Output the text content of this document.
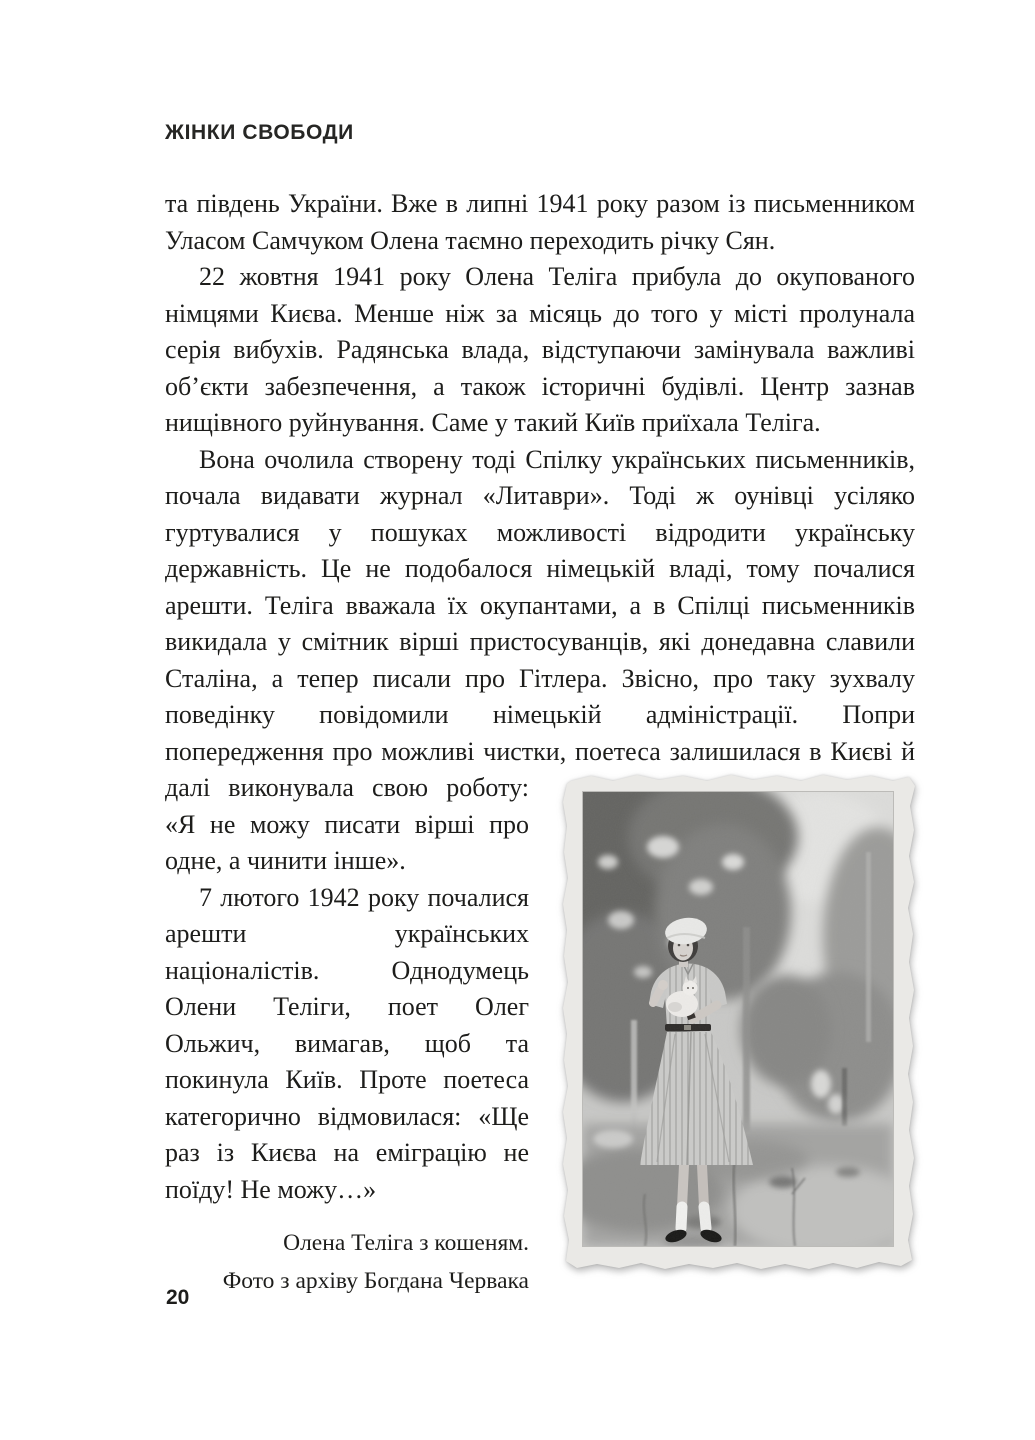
ЖІНКИ СВОБОДИ

та південь України. Вже в липні 1941 року разом із письменником Уласом Самчуком Олена таємно переходить річку Сян.

22 жовтня 1941 року Олена Теліга прибула до окупованого німцями Києва. Менше ніж за місяць до того у місті пролунала серія вибухів. Радянська влада, відступаючи замінувала важливі об’єкти забезпечення, а також історичні будівлі. Центр зазнав нищівного руйнування. Саме у такий Київ приїхала Теліга.

Вона очолила створену тоді Спілку українських письменників, почала видавати журнал «Литаври». Тоді ж оунівці усіляко гуртувалися у пошуках можливості відродити українську державність. Це не подобалося німецькій владі, тому почалися арешти. Теліга вважала їх окупантами, а в Спілці письменників викидала у смітник вірші пристосуванців, які донедавна славили Сталіна, а тепер писали про Гітлера. Звісно, про таку зухвалу поведінку повідомили німецькій адміністрації. Попри попередження про можливі чистки, поетеса залишилася в Києві й далі виконувала свою роботу: «Я не можу писати вірші про одне, а чинити інше».

7 лютого 1942 року почалися арешти українських націоналістів. Однодумець Олени Теліги, поет Олег Ольжич, вимагав, щоб та покинула Київ. Проте поетеса категорично відмовилася: «Ще раз із Києва на еміграцію не поїду! Не можу…»

Олена Теліга з кошеням.
Фото з архіву Богдана Червака
20
